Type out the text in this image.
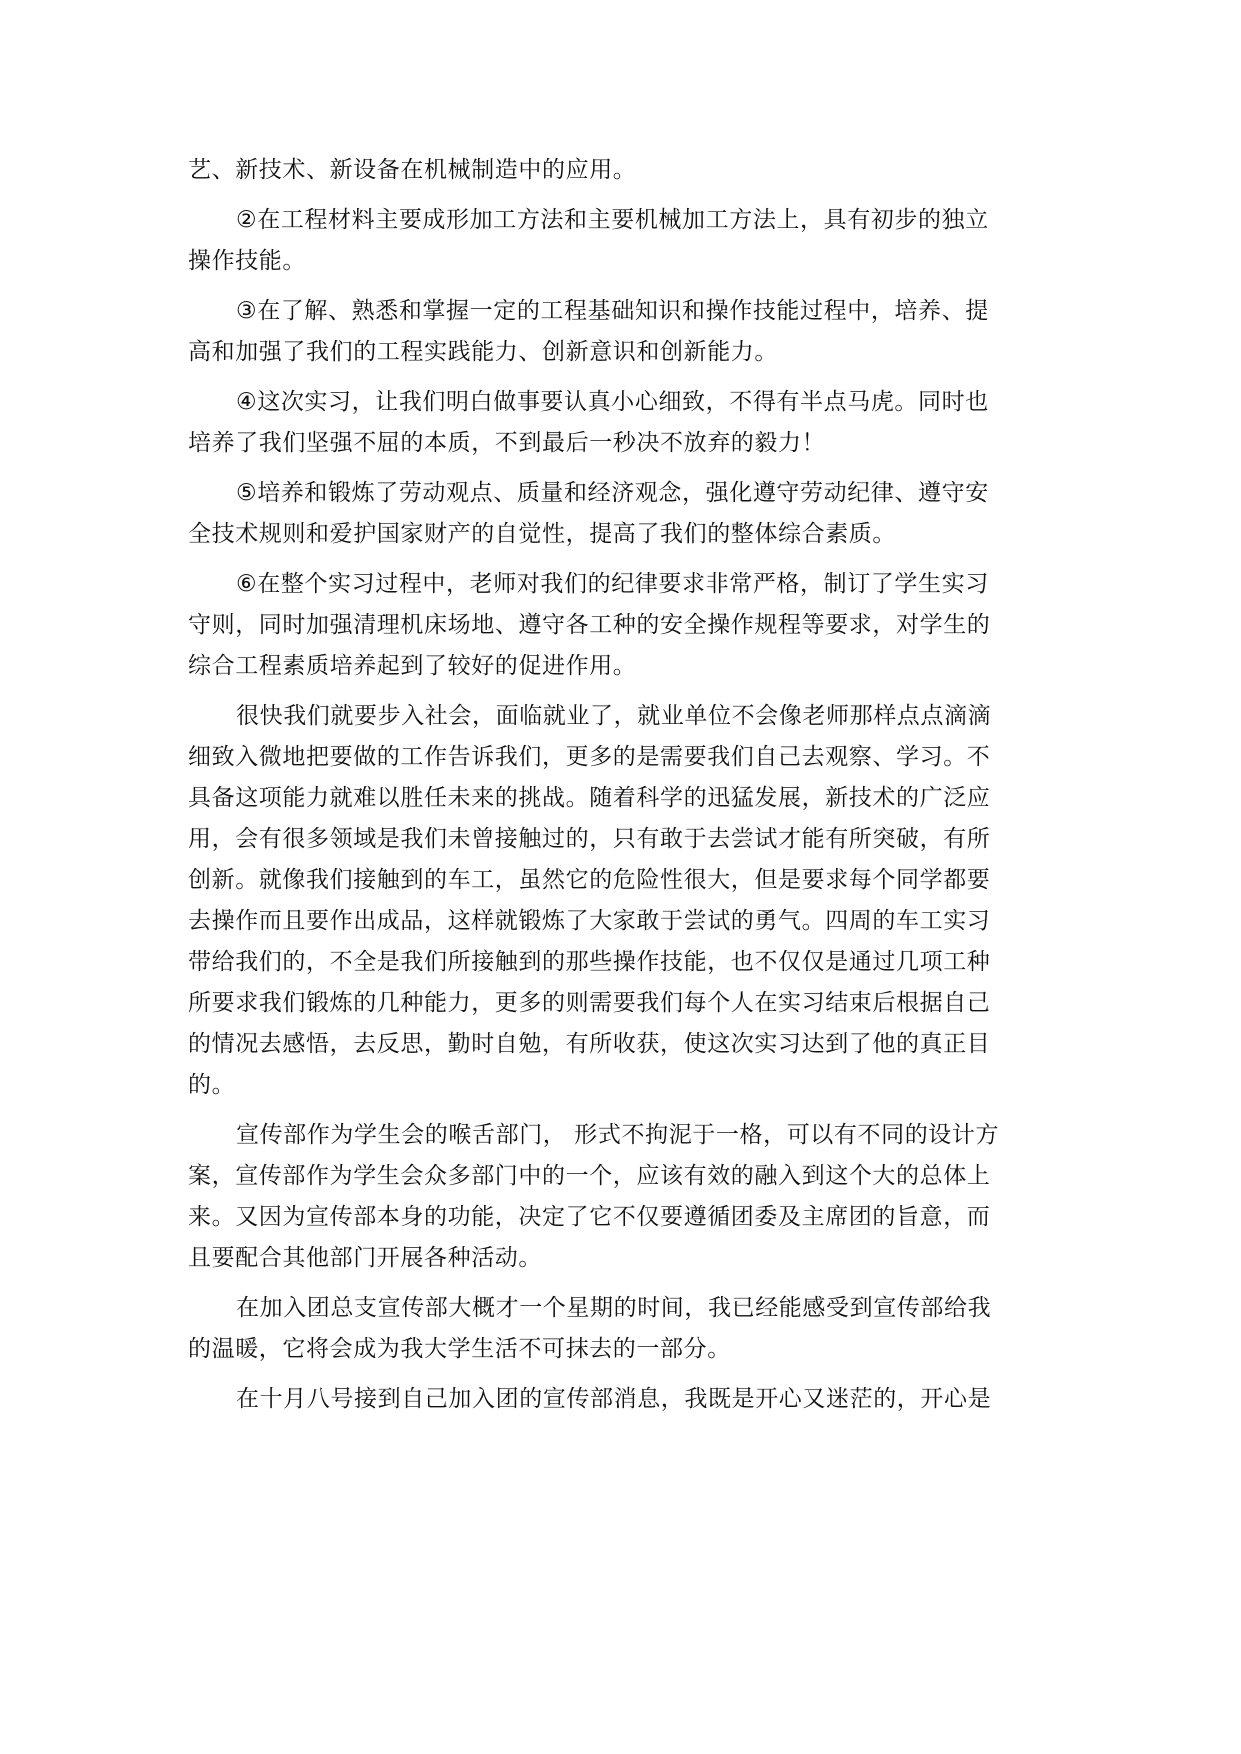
艺、新技术、新设备在机械制造中的应用。
②在工程材料主要成形加工方法和主要机械加工方法上，具有初步的独立
操作技能。
③在了解、熟悉和掌握一定的工程基础知识和操作技能过程中，培养、提
高和加强了我们的工程实践能力、创新意识和创新能力。
④这次实习，让我们明白做事要认真小心细致，不得有半点马虎。同时也
培养了我们坚强不屈的本质，不到最后一秒决不放弃的毅力！
⑤培养和锻炼了劳动观点、质量和经济观念，强化遵守劳动纪律、遵守安
全技术规则和爱护国家财产的自觉性，提高了我们的整体综合素质。
⑥在整个实习过程中，老师对我们的纪律要求非常严格，制订了学生实习
守则，同时加强清理机床场地、遵守各工种的安全操作规程等要求，对学生的
综合工程素质培养起到了较好的促进作用。
很快我们就要步入社会，面临就业了，就业单位不会像老师那样点点滴滴
细致入微地把要做的工作告诉我们，更多的是需要我们自己去观察、学习。不
具备这项能力就难以胜任未来的挑战。随着科学的迅猛发展，新技术的广泛应
用，会有很多领域是我们未曾接触过的，只有敢于去尝试才能有所突破，有所
创新。就像我们接触到的车工，虽然它的危险性很大，但是要求每个同学都要
去操作而且要作出成品，这样就锻炼了大家敢于尝试的勇气。四周的车工实习
带给我们的，不全是我们所接触到的那些操作技能，也不仅仅是通过几项工种
所要求我们锻炼的几种能力，更多的则需要我们每个人在实习结束后根据自己
的情况去感悟，去反思，勤时自勉，有所收获，使这次实习达到了他的真正目
的。
宣传部作为学生会的喉舌部门， 形式不拘泥于一格，可以有不同的设计方
案，宣传部作为学生会众多部门中的一个，应该有效的融入到这个大的总体上
来。又因为宣传部本身的功能，决定了它不仅要遵循团委及主席团的旨意，而
且要配合其他部门开展各种活动。
在加入团总支宣传部大概才一个星期的时间，我已经能感受到宣传部给我
的温暖，它将会成为我大学生活不可抹去的一部分。
在十月八号接到自己加入团的宣传部消息，我既是开心又迷茫的，开心是
